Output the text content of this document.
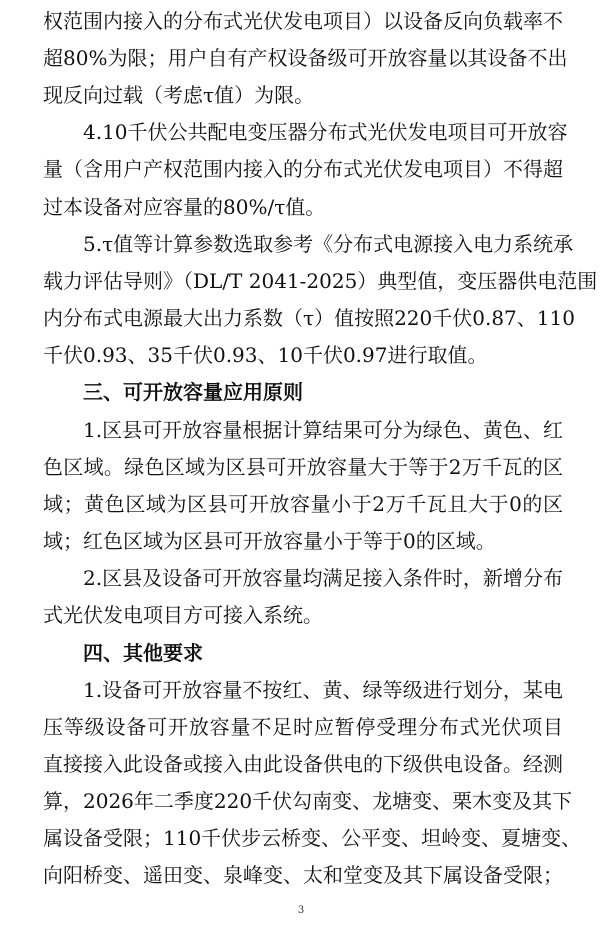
权范围内接入的分布式光伏发电项目）以设备反向负载率不
超80%为限；用户自有产权设备级可开放容量以其设备不出
现反向过载（考虑τ值）为限。
4.10千伏公共配电变压器分布式光伏发电项目可开放容
量（含用户产权范围内接入的分布式光伏发电项目）不得超
过本设备对应容量的80%/τ值。
5.τ值等计算参数选取参考《分布式电源接入电力系统承
载力评估导则》（DL/T 2041-2025）典型值，变压器供电范围
内分布式电源最大出力系数（τ）值按照220千伏0.87、110
千伏0.93、35千伏0.93、10千伏0.97进行取值。
三、可开放容量应用原则
1.区县可开放容量根据计算结果可分为绿色、黄色、红
色区域。绿色区域为区县可开放容量大于等于2万千瓦的区
域；黄色区域为区县可开放容量小于2万千瓦且大于0的区
域；红色区域为区县可开放容量小于等于0的区域。
2.区县及设备可开放容量均满足接入条件时，新增分布
式光伏发电项目方可接入系统。
四、其他要求
1.设备可开放容量不按红、黄、绿等级进行划分，某电
压等级设备可开放容量不足时应暂停受理分布式光伏项目
直接接入此设备或接入由此设备供电的下级供电设备。经测
算，2026年二季度220千伏勾南变、龙塘变、栗木变及其下
属设备受限；110千伏步云桥变、公平变、坦岭变、夏塘变、
3
向阳桥变、遥田变、泉峰变、太和堂变及其下属设备受限；
